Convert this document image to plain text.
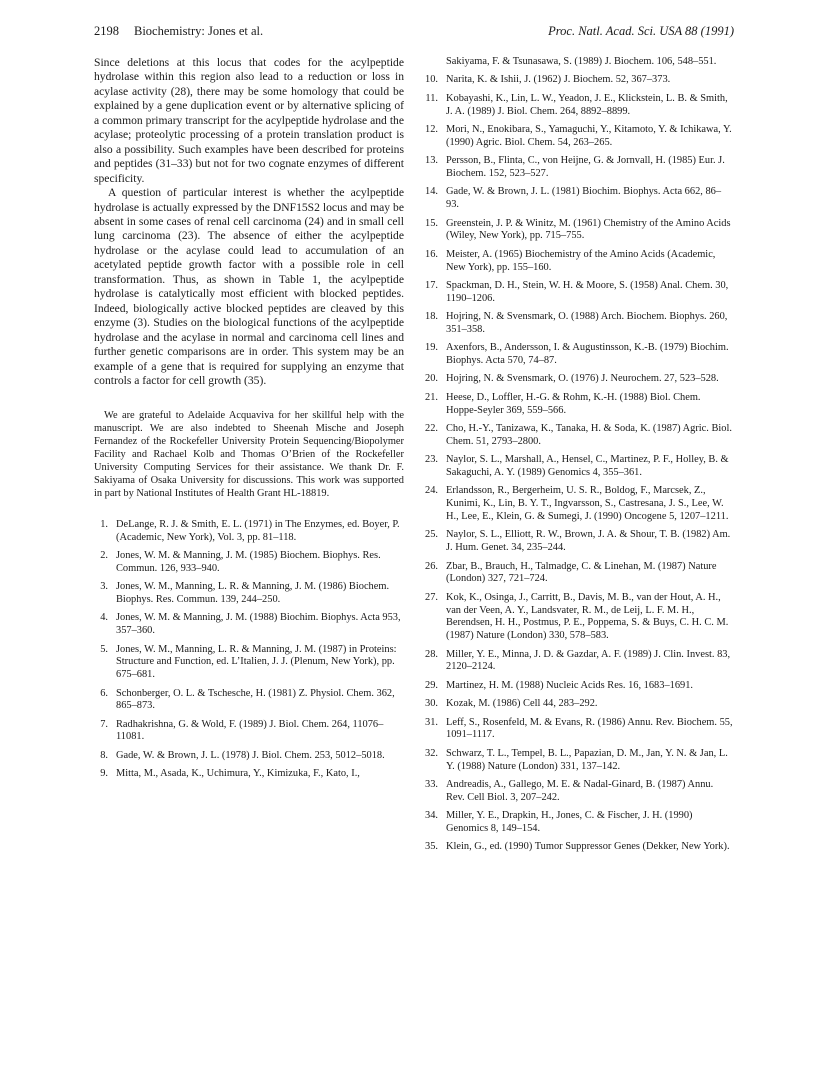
2198 Biochemistry: Jones et al.	Proc. Natl. Acad. Sci. USA 88 (1991)

Since deletions at this locus that codes for the acylpeptide hydrolase within this region also lead to a reduction or loss in acylase activity (28), there may be some homology that could be explained by a gene duplication event or by alternative splicing of a common primary transcript for the acylpeptide hydrolase and the acylase; proteolytic processing of a protein translation product is also a possibility. Such examples have been described for proteins and peptides (31–33) but not for two cognate enzymes of different specificity.

A question of particular interest is whether the acylpeptide hydrolase is actually expressed by the DNF15S2 locus and may be absent in some cases of renal cell carcinoma (24) and in small cell lung carcinoma (23). The absence of either the acylpeptide hydrolase or the acylase could lead to accumulation of an acetylated peptide growth factor with a possible role in cell transformation. Thus, as shown in Table 1, the acylpeptide hydrolase is catalytically most efficient with blocked peptides. Indeed, biologically active blocked peptides are cleaved by this enzyme (3). Studies on the biological functions of the acylpeptide hydrolase and the acylase in normal and carcinoma cell lines and further genetic comparisons are in order. This system may be an example of a gene that is required for supplying an enzyme that controls a factor for cell growth (35).

We are grateful to Adelaide Acquaviva for her skillful help with the manuscript. We are also indebted to Sheenah Mische and Joseph Fernandez of the Rockefeller University Protein Sequencing/Biopolymer Facility and Rachael Kolb and Thomas O’Brien of the Rockefeller University Computing Services for their assistance. We thank Dr. F. Sakiyama of Osaka University for discussions. This work was supported in part by National Institutes of Health Grant HL-18819.

1. DeLange, R. J. & Smith, E. L. (1971) in The Enzymes, ed. Boyer, P. (Academic, New York), Vol. 3, pp. 81–118.
2. Jones, W. M. & Manning, J. M. (1985) Biochem. Biophys. Res. Commun. 126, 933–940.
3. Jones, W. M., Manning, L. R. & Manning, J. M. (1986) Biochem. Biophys. Res. Commun. 139, 244–250.
4. Jones, W. M. & Manning, J. M. (1988) Biochim. Biophys. Acta 953, 357–360.
5. Jones, W. M., Manning, L. R. & Manning, J. M. (1987) in Proteins: Structure and Function, ed. L’Italien, J. J. (Plenum, New York), pp. 675–681.
6. Schonberger, O. L. & Tschesche, H. (1981) Z. Physiol. Chem. 362, 865–873.
7. Radhakrishna, G. & Wold, F. (1989) J. Biol. Chem. 264, 11076–11081.
8. Gade, W. & Brown, J. L. (1978) J. Biol. Chem. 253, 5012–5018.
9. Mitta, M., Asada, K., Uchimura, Y., Kimizuka, F., Kato, I.,
Sakiyama, F. & Tsunasawa, S. (1989) J. Biochem. 106, 548–551.
10. Narita, K. & Ishii, J. (1962) J. Biochem. 52, 367–373.
11. Kobayashi, K., Lin, L. W., Yeadon, J. E., Klickstein, L. B. & Smith, J. A. (1989) J. Biol. Chem. 264, 8892–8899.
12. Mori, N., Enokibara, S., Yamaguchi, Y., Kitamoto, Y. & Ichikawa, Y. (1990) Agric. Biol. Chem. 54, 263–265.
13. Persson, B., Flinta, C., von Heijne, G. & Jornvall, H. (1985) Eur. J. Biochem. 152, 523–527.
14. Gade, W. & Brown, J. L. (1981) Biochim. Biophys. Acta 662, 86–93.
15. Greenstein, J. P. & Winitz, M. (1961) Chemistry of the Amino Acids (Wiley, New York), pp. 715–755.
16. Meister, A. (1965) Biochemistry of the Amino Acids (Academic, New York), pp. 155–160.
17. Spackman, D. H., Stein, W. H. & Moore, S. (1958) Anal. Chem. 30, 1190–1206.
18. Hojring, N. & Svensmark, O. (1988) Arch. Biochem. Biophys. 260, 351–358.
19. Axenfors, B., Andersson, I. & Augustinsson, K.-B. (1979) Biochim. Biophys. Acta 570, 74–87.
20. Hojring, N. & Svensmark, O. (1976) J. Neurochem. 27, 523–528.
21. Heese, D., Loffler, H.-G. & Rohm, K.-H. (1988) Biol. Chem. Hoppe-Seyler 369, 559–566.
22. Cho, H.-Y., Tanizawa, K., Tanaka, H. & Soda, K. (1987) Agric. Biol. Chem. 51, 2793–2800.
23. Naylor, S. L., Marshall, A., Hensel, C., Martinez, P. F., Holley, B. & Sakaguchi, A. Y. (1989) Genomics 4, 355–361.
24. Erlandsson, R., Bergerheim, U. S. R., Boldog, F., Marcsek, Z., Kunimi, K., Lin, B. Y. T., Ingvarsson, S., Castresana, J. S., Lee, W. H., Lee, E., Klein, G. & Sumegi, J. (1990) Oncogene 5, 1207–1211.
25. Naylor, S. L., Elliott, R. W., Brown, J. A. & Shour, T. B. (1982) Am. J. Hum. Genet. 34, 235–244.
26. Zbar, B., Brauch, H., Talmadge, C. & Linehan, M. (1987) Nature (London) 327, 721–724.
27. Kok, K., Osinga, J., Carritt, B., Davis, M. B., van der Hout, A. H., van der Veen, A. Y., Landsvater, R. M., de Leij, L. F. M. H., Berendsen, H. H., Postmus, P. E., Poppema, S. & Buys, C. H. C. M. (1987) Nature (London) 330, 578–583.
28. Miller, Y. E., Minna, J. D. & Gazdar, A. F. (1989) J. Clin. Invest. 83, 2120–2124.
29. Martinez, H. M. (1988) Nucleic Acids Res. 16, 1683–1691.
30. Kozak, M. (1986) Cell 44, 283–292.
31. Leff, S., Rosenfeld, M. & Evans, R. (1986) Annu. Rev. Biochem. 55, 1091–1117.
32. Schwarz, T. L., Tempel, B. L., Papazian, D. M., Jan, Y. N. & Jan, L. Y. (1988) Nature (London) 331, 137–142.
33. Andreadis, A., Gallego, M. E. & Nadal-Ginard, B. (1987) Annu. Rev. Cell Biol. 3, 207–242.
34. Miller, Y. E., Drapkin, H., Jones, C. & Fischer, J. H. (1990) Genomics 8, 149–154.
35. Klein, G., ed. (1990) Tumor Suppressor Genes (Dekker, New York).
